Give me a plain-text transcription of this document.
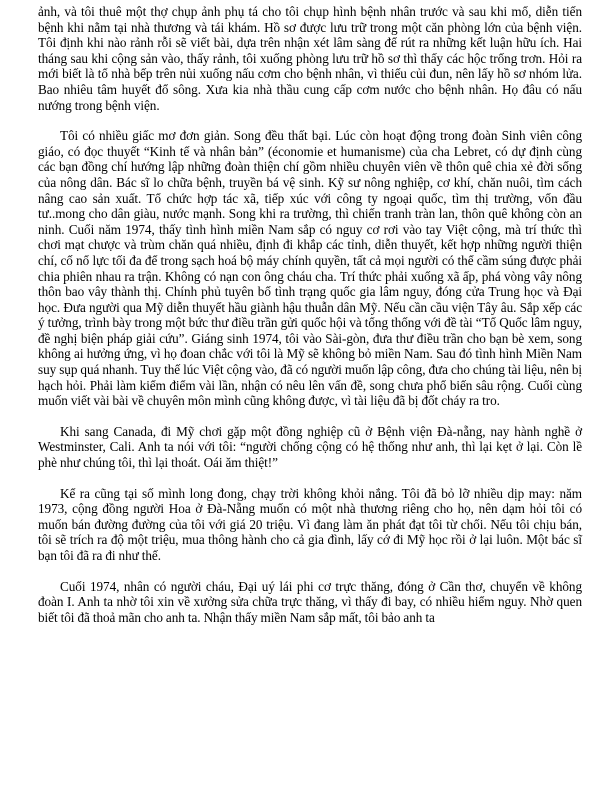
ảnh, và tôi thuê một thợ chụp ảnh phụ tá cho tôi chụp hình bệnh nhân trước và sau khi mổ, diễn tiến bệnh khi nằm tại nhà thương và tái khám. Hồ sơ được lưu trữ trong một căn phòng lớn của bệnh viện. Tôi định khi nào rảnh rỗi sẽ viết bài, dựa trên nhận xét lâm sàng để rút ra những kết luận hữu ích. Hai tháng sau khi cộng sản vào, thấy rảnh, tôi xuống phòng lưu trữ hồ sơ thì thấy các hộc trống trơn. Hỏi ra mới biết là tổ nhà bếp trên nủi xuống nấu cơm cho bệnh nhân, vì thiếu củi đun, nên lấy hồ sơ nhóm lửa. Bao nhiêu tâm huyết đổ sông. Xưa kia nhà thầu cung cấp cơm nước cho bệnh nhân. Họ đâu có nấu nướng trong bệnh viện.

Tôi có nhiều giấc mơ đơn giản. Song đều thất bại. Lúc còn hoạt động trong đoàn Sinh viên công giáo, có đọc thuyết “Kinh tế và nhân bản” (économie et humanisme) của cha Lebret, có dự định cùng các bạn đồng chí hướng lập những đoàn thiện chí gồm nhiều chuyên viên về thôn quê chia xẻ đời sống của nông dân. Bác sĩ lo chữa bệnh, truyền bá vệ sinh. Kỹ sư nông nghiệp, cơ khí, chăn nuôi, tìm cách nâng cao sản xuất. Tổ chức hợp tác xã, tiếp xúc với công ty ngoại quốc, tìm thị trường, vốn đầu tư..mong cho dân giàu, nước mạnh. Song khi ra trường, thì chiến tranh tràn lan, thôn quê không còn an ninh. Cuối năm 1974, thấy tình hình miền Nam sắp có nguy cơ rơi vào tay Việt cộng, mà trí thức thì chơi mạt chược và trùm chăn quá nhiều, định đi khắp các tỉnh, diễn thuyết, kết hợp những người thiện chí, cố nổ lực tối đa để trong sạch hoá bộ máy chính quyền, tất cả mọi người có thể cầm súng được phải chia phiên nhau ra trận. Không có nạn con ông cháu cha. Trí thức phải xuống xã ấp, phá vòng vây nông thôn bao vây thành thị. Chính phủ tuyên bố tình trạng quốc gia lâm nguy, đóng cửa Trung học và Đại học. Đưa người qua Mỹ diễn thuyết hầu giành hậu thuẫn dân Mỹ. Nếu cần cầu viện Tây âu. Sắp xếp các ý tưởng, trình bày trong một bức thư điều trần gửi quốc hội và tổng thống với đề tài “Tổ Quốc lâm nguy, đề nghị biện pháp giải cứu”. Giáng sinh 1974, tôi vào Sài-gòn, đưa thư điều trần cho bạn bè xem, song không ai hưởng ứng, vì họ đoan chắc với tôi là Mỹ sẽ không bỏ miền Nam. Sau đó tình hình Miền Nam suy sụp quá nhanh. Tuy thế lúc Việt cộng vào, đã có người muốn lập công, đưa cho chúng tài liệu, nên bị hạch hỏi. Phải làm kiểm điểm vài lần, nhận có nêu lên vấn đề, song chưa phổ biến sâu rộng. Cuối cùng muốn viết vài bài về chuyên môn mình cũng không được, vì tài liệu đã bị đốt cháy ra tro.

Khi sang Canada, đi Mỹ chơi gặp một đồng nghiệp cũ ở Bệnh viện Đà-nẵng, nay hành nghề ở Westminster, Cali. Anh ta nói với tôi: “người chống cộng có hệ thống như anh, thì lại kẹt ở lại. Còn lề phè như chúng tôi, thì lại thoát. Oái ăm thiệt!”

Kể ra cũng tại số mình long đong, chạy trời không khỏi nắng. Tôi đã bỏ lỡ nhiều dịp may: năm 1973, cộng đồng người Hoa ở Đà-Nẵng muốn có một nhà thương riêng cho họ, nên dạm hỏi tôi có muốn bán đường đường của tôi với giá 20 triệu. Vì đang làm ăn phát đạt tôi từ chối. Nếu tôi chịu bán, tôi sẽ trích ra độ một triệu, mua thông hành cho cả gia đình, lấy cớ đi Mỹ học rồi ở lại luôn. Một bác sĩ bạn tôi đã ra đi như thế.

Cuối 1974, nhân có người cháu, Đại uý lái phi cơ trực thăng, đóng ở Cần thơ, chuyển về không đoàn I. Anh ta nhờ tôi xin về xưởng sửa chữa trực thăng, vì thấy đi bay, có nhiều hiểm nguy. Nhờ quen biết tôi đã thoả mãn cho anh ta. Nhận thấy miền Nam sắp mất, tôi bảo anh ta
